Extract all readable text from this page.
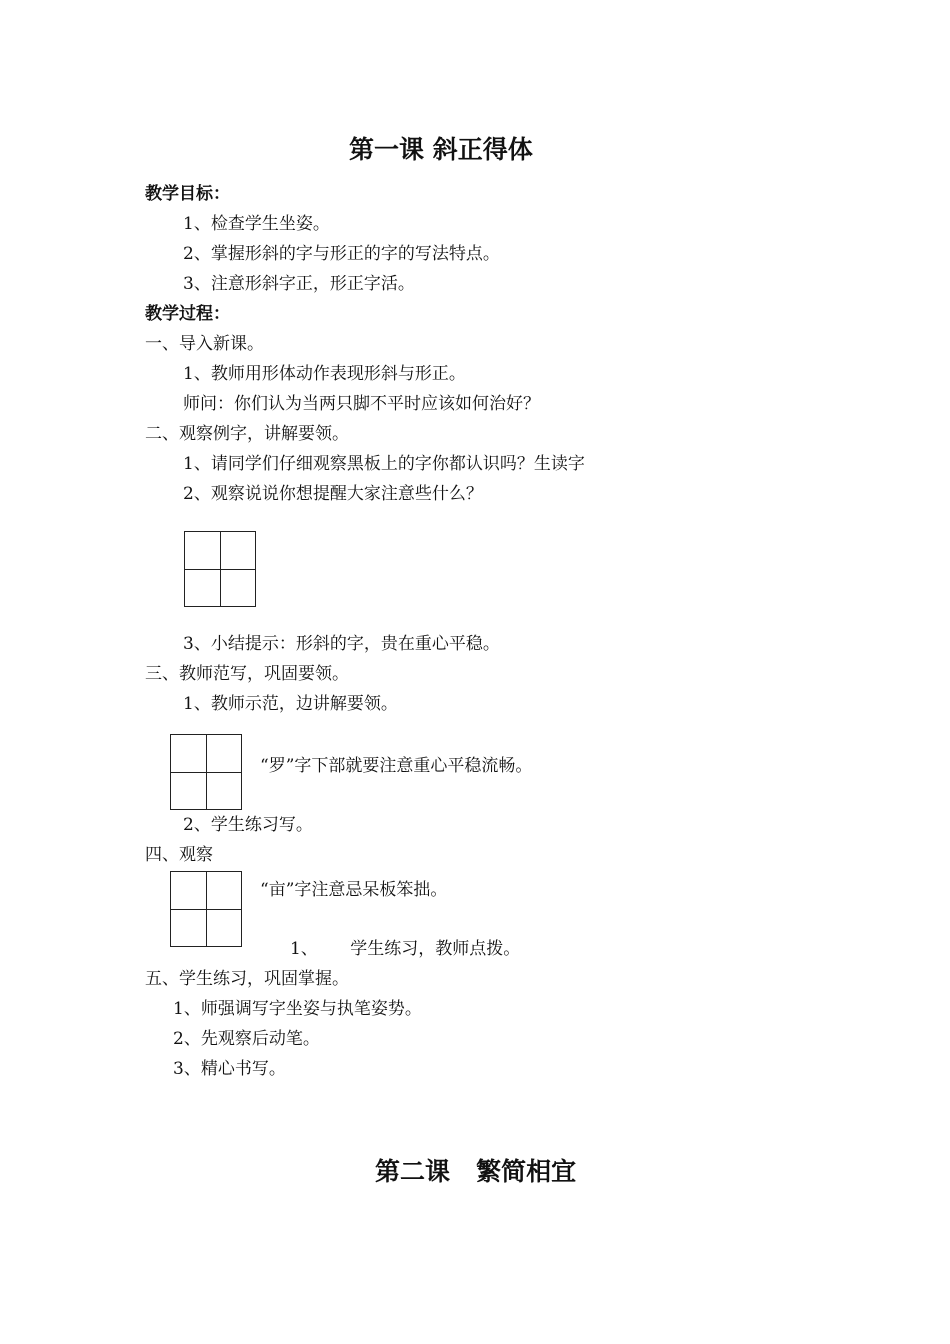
第一课 斜正得体
教学目标：
1、检查学生坐姿。
2、掌握形斜的字与形正的字的写法特点。
3、注意形斜字正，形正字活。
教学过程：
一、导入新课。
1、教师用形体动作表现形斜与形正。
师问：你们认为当两只脚不平时应该如何治好？
二、观察例字，讲解要领。
1、请同学们仔细观察黑板上的字你都认识吗？生读字
2、观察说说你想提醒大家注意些什么？
3、小结提示：形斜的字，贵在重心平稳。
三、教师范写，巩固要领。
1、教师示范，边讲解要领。
“罗”字下部就要注意重心平稳流畅。
2、学生练习写。
四、观察
“亩”字注意忌呆板笨拙。
1、      学生练习，教师点拨。
五、学生练习，巩固掌握。
1、师强调写字坐姿与执笔姿势。
2、先观察后动笔。
3、精心书写。
第二课   繁简相宜
